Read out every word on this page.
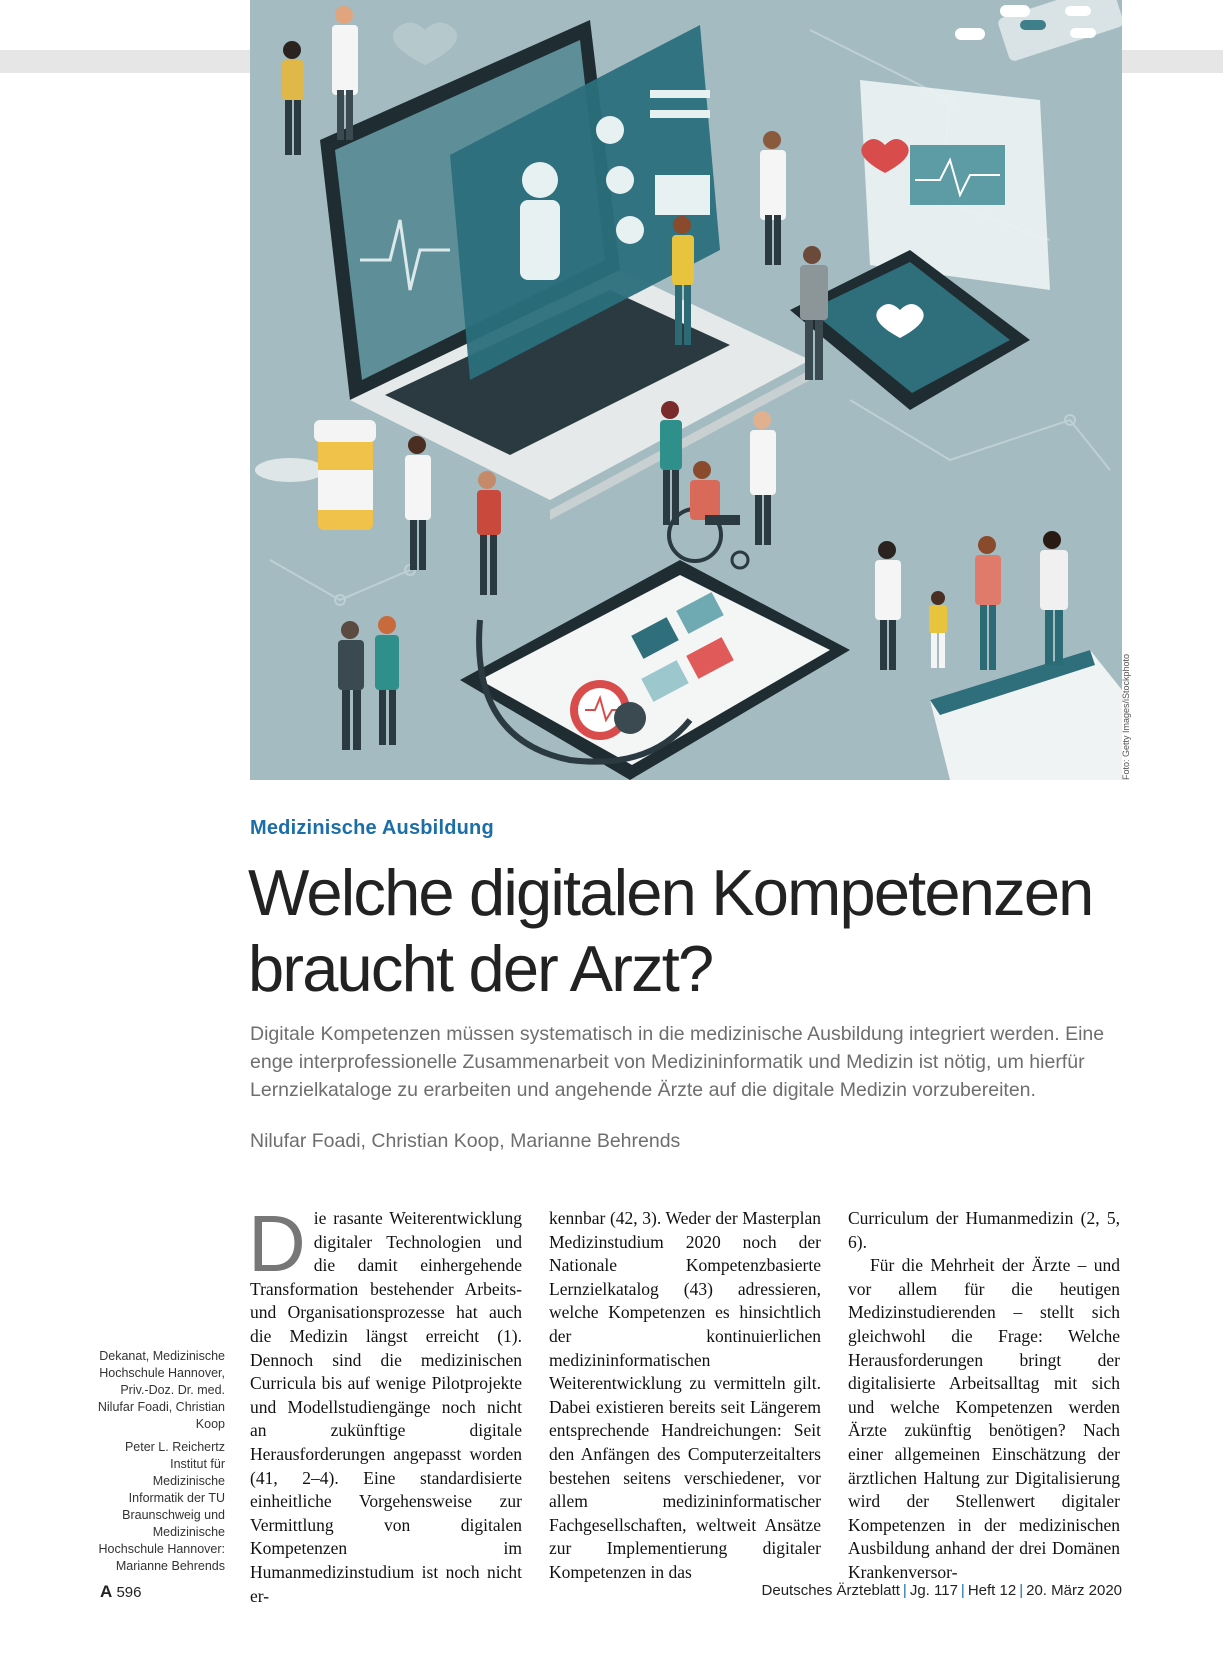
Foto: Getty Images/iStockphoto
Medizinische Ausbildung
Welche digitalen Kompetenzen
braucht der Arzt?

Digitale Kompetenzen müssen systematisch in die medizinische Ausbildung integriert werden. Eine enge interprofessionelle Zusammenarbeit von Medizininformatik und Medizin ist nötig, um hierfür Lernzielkataloge zu erarbeiten und angehende Ärzte auf die digitale Medizin vorzubereiten.

Nilufar Foadi, Christian Koop, Marianne Behrends

Dekanat, Medizinische Hochschule Hannover, Priv.-Doz. Dr. med. Nilufar Foadi, Christian Koop

Peter L. Reichertz Institut für Medizinische Informatik der TU Braunschweig und Medizinische Hochschule Hannover: Marianne Behrends

D ie rasante Weiterentwicklung digitaler Technologien und die damit einhergehende Transformation bestehender Arbeits- und Organisationsprozesse hat auch die Medizin längst erreicht (1). Dennoch sind die medizinischen Curricula bis auf wenige Pilotprojekte und Modellstudiengänge noch nicht an zukünftige digitale Herausforderungen angepasst worden (41, 2–4). Eine standardisierte einheitliche Vorgehensweise zur Vermittlung von digitalen Kompetenzen im Humanmedizinstudium ist noch nicht er-

kennbar (42, 3). Weder der Masterplan Medizinstudium 2020 noch der Nationale Kompetenzbasierte Lernzielkatalog (43) adressieren, welche Kompetenzen es hinsichtlich der kontinuierlichen medizininformatischen Weiterentwicklung zu vermitteln gilt. Dabei existieren bereits seit Längerem entsprechende Handreichungen: Seit den Anfängen des Computerzeitalters bestehen seitens verschiedener, vor allem medizininformatischer Fachgesellschaften, weltweit Ansätze zur Implementierung digitaler Kompetenzen in das

Curriculum der Humanmedizin (2, 5, 6).

Für die Mehrheit der Ärzte – und vor allem für die heutigen Medizinstudierenden – stellt sich gleichwohl die Frage: Welche Herausforderungen bringt der digitalisierte Arbeitsalltag mit sich und welche Kompetenzen werden Ärzte zukünftig benötigen? Nach einer allgemeinen Einschätzung der ärztlichen Haltung zur Digitalisierung wird der Stellenwert digitaler Kompetenzen in der medizinischen Ausbildung anhand der drei Domänen Krankenversor-

A 596	Deutsches Ärzteblatt | Jg. 117 | Heft 12 | 20. März 2020
